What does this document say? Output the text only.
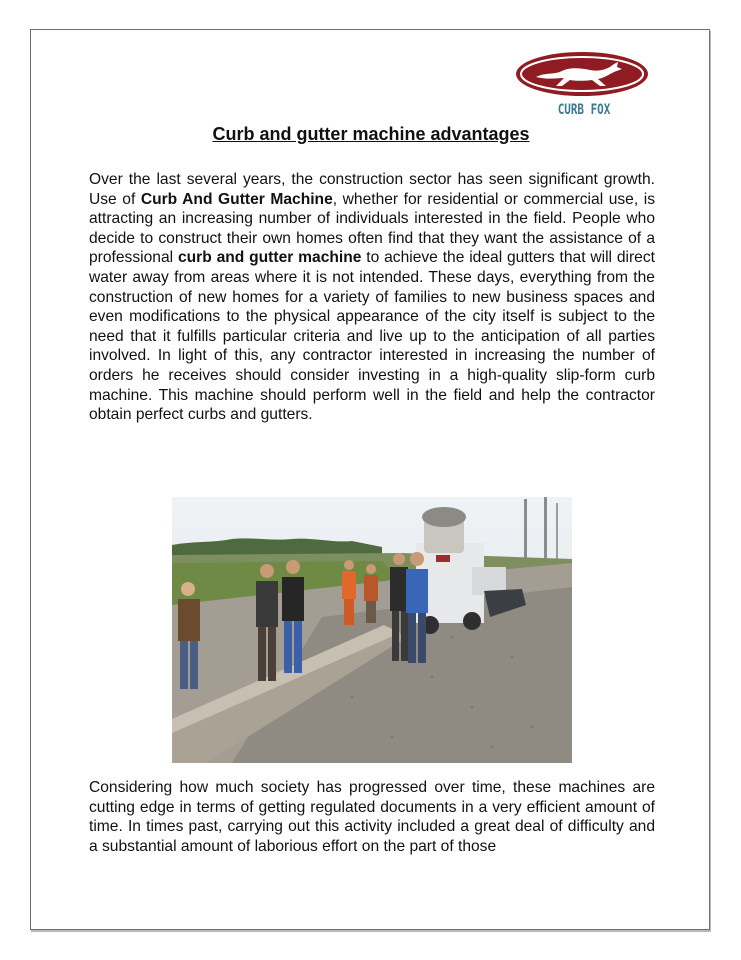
CURB FOX
Curb and gutter machine advantages

Over the last several years, the construction sector has seen significant growth. Use of Curb And Gutter Machine, whether for residential or commercial use, is attracting an increasing number of individuals interested in the field. People who decide to construct their own homes often find that they want the assistance of a professional curb and gutter machine to achieve the ideal gutters that will direct water away from areas where it is not intended. These days, everything from the construction of new homes for a variety of families to new business spaces and even modifications to the physical appearance of the city itself is subject to the need that it fulfills particular criteria and live up to the anticipation of all parties involved. In light of this, any contractor interested in increasing the number of orders he receives should consider investing in a high-quality slip-form curb machine. This machine should perform well in the field and help the contractor obtain perfect curbs and gutters.

Considering how much society has progressed over time, these machines are cutting edge in terms of getting regulated documents in a very efficient amount of time. In times past, carrying out this activity included a great deal of difficulty and a substantial amount of laborious effort on the part of those
